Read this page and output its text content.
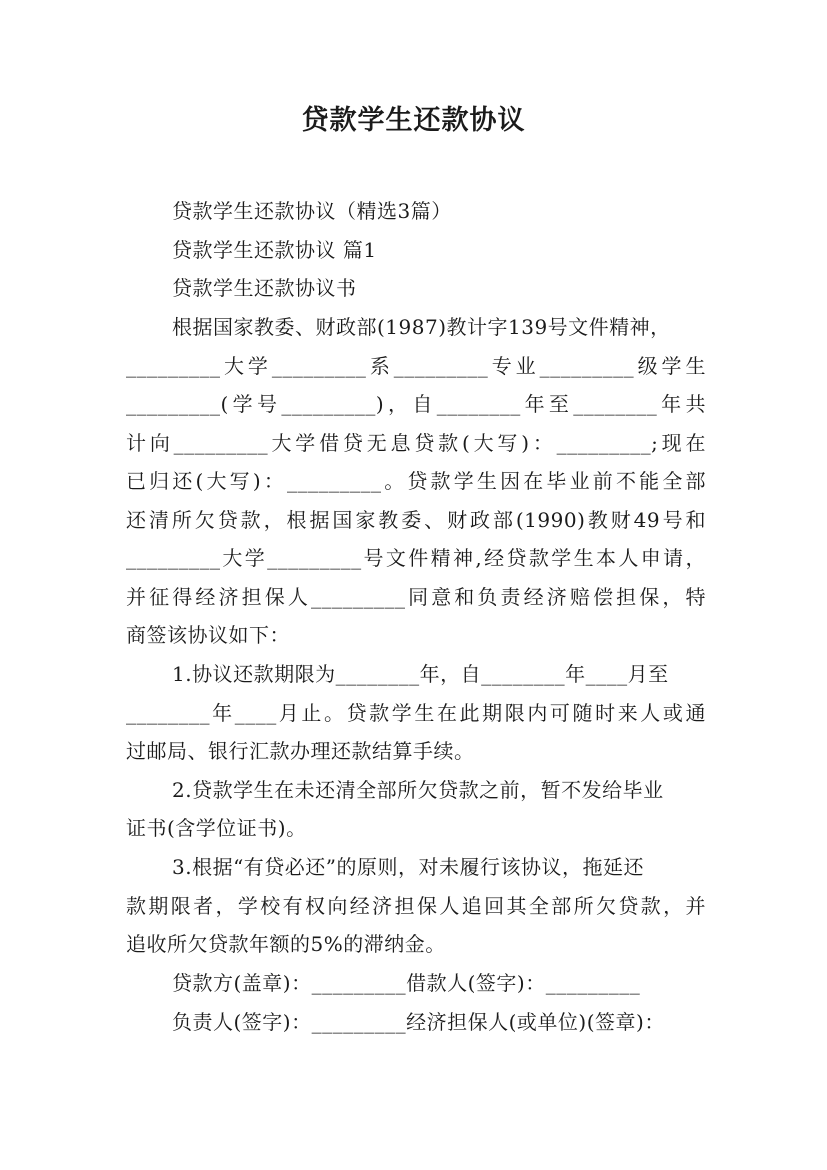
贷款学生还款协议
贷款学生还款协议（精选3篇）
贷款学生还款协议 篇1
贷款学生还款协议书
根据国家教委、财政部(1987)教计字139号文件精神，
_________大学_________系_________专业_________级学生
_________(学号_________)，自________年至________年共
计向_________大学借贷无息贷款(大写)：_________;现在
已归还(大写)：_________。贷款学生因在毕业前不能全部
还清所欠贷款，根据国家教委、财政部(1990)教财49号和
_________大学_________号文件精神,经贷款学生本人申请，
并征得经济担保人_________同意和负责经济赔偿担保，特
商签该协议如下：
1.协议还款期限为________年，自________年____月至
________年____月止。贷款学生在此期限内可随时来人或通
过邮局、银行汇款办理还款结算手续。
2.贷款学生在未还清全部所欠贷款之前，暂不发给毕业
证书(含学位证书)。
3.根据“有贷必还”的原则，对未履行该协议，拖延还
款期限者，学校有权向经济担保人追回其全部所欠贷款，并
追收所欠贷款年额的5%的滞纳金。
贷款方(盖章)：_________借款人(签字)：_________
负责人(签字)：_________经济担保人(或单位)(签章)：
